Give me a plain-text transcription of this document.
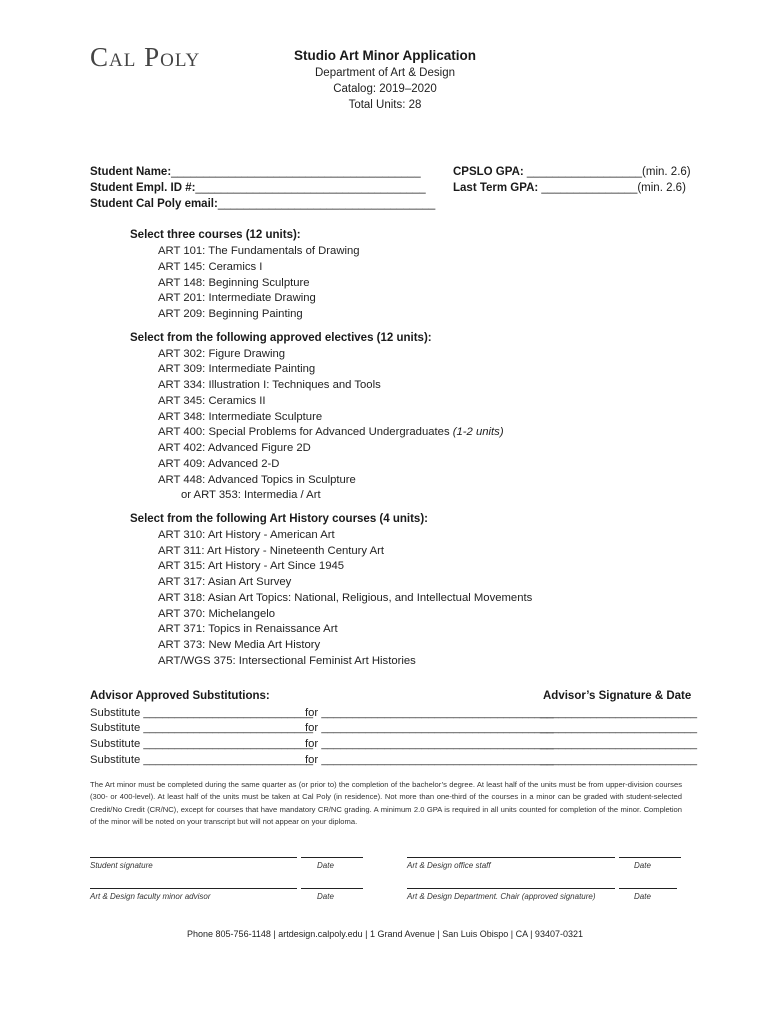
Cal Poly	Studio Art Minor Application
Department of Art & Design
Catalog: 2019–2020
Total Units: 28
Student Name:_______________________________________
Student Empl. ID #:____________________________________
Student Cal Poly email:__________________________________
CPSLO GPA: __________________(min. 2.6)
Last Term GPA: _______________(min. 2.6)
Select three courses (12 units):
ART 101: The Fundamentals of Drawing
ART 145: Ceramics I
ART 148: Beginning Sculpture
ART 201: Intermediate Drawing
ART 209: Beginning Painting
Select from the following approved electives (12 units):
ART 302: Figure Drawing
ART 309: Intermediate Painting
ART 334: Illustration I: Techniques and Tools
ART 345: Ceramics II
ART 348: Intermediate Sculpture
ART 400: Special Problems for Advanced Undergraduates (1-2 units)
ART 402: Advanced Figure 2D
ART 409: Advanced 2-D
ART 448: Advanced Topics in Sculpture
or ART 353: Intermedia / Art
Select from the following Art History courses (4 units):
ART 310: Art History - American Art
ART 311: Art History - Nineteenth Century Art
ART 315: Art History - Art Since 1945
ART 317: Asian Art Survey
ART 318: Asian Art Topics: National, Religious, and Intellectual Movements
ART 370: Michelangelo
ART 371: Topics in Renaissance Art
ART 373: New Media Art History
ART/WGS 375: Intersectional Feminist Art Histories
Advisor Approved Substitutions:	Advisor’s Signature & Date
Substitute ___________________________
for _____________________________________
_________________________
Substitute ___________________________
for _____________________________________
_________________________
Substitute ___________________________
for _____________________________________
_________________________
Substitute ___________________________
for _____________________________________
_________________________
The Art minor must be completed during the same quarter as (or prior to) the completion of the bachelor’s degree. At least half of the units must be from upper-division courses (300- or 400-level). At least half of the units must be taken at Cal Poly (in residence). Not more than one-third of the courses in a minor can be graded with student-selected Credit/No Credit (CR/NC), except for courses that have mandatory CR/NC grading. A minimum 2.0 GPA is required in all units counted for completion of the minor. Completion of the minor will be noted on your transcript but will not appear on your diploma.
Student signature	Date	Art & Design office staff	Date
Art & Design faculty minor advisor	Date	Art & Design Department. Chair (approved signature)	Date
Phone 805-756-1148 | artdesign.calpoly.edu | 1 Grand Avenue | San Luis Obispo | CA | 93407-0321
